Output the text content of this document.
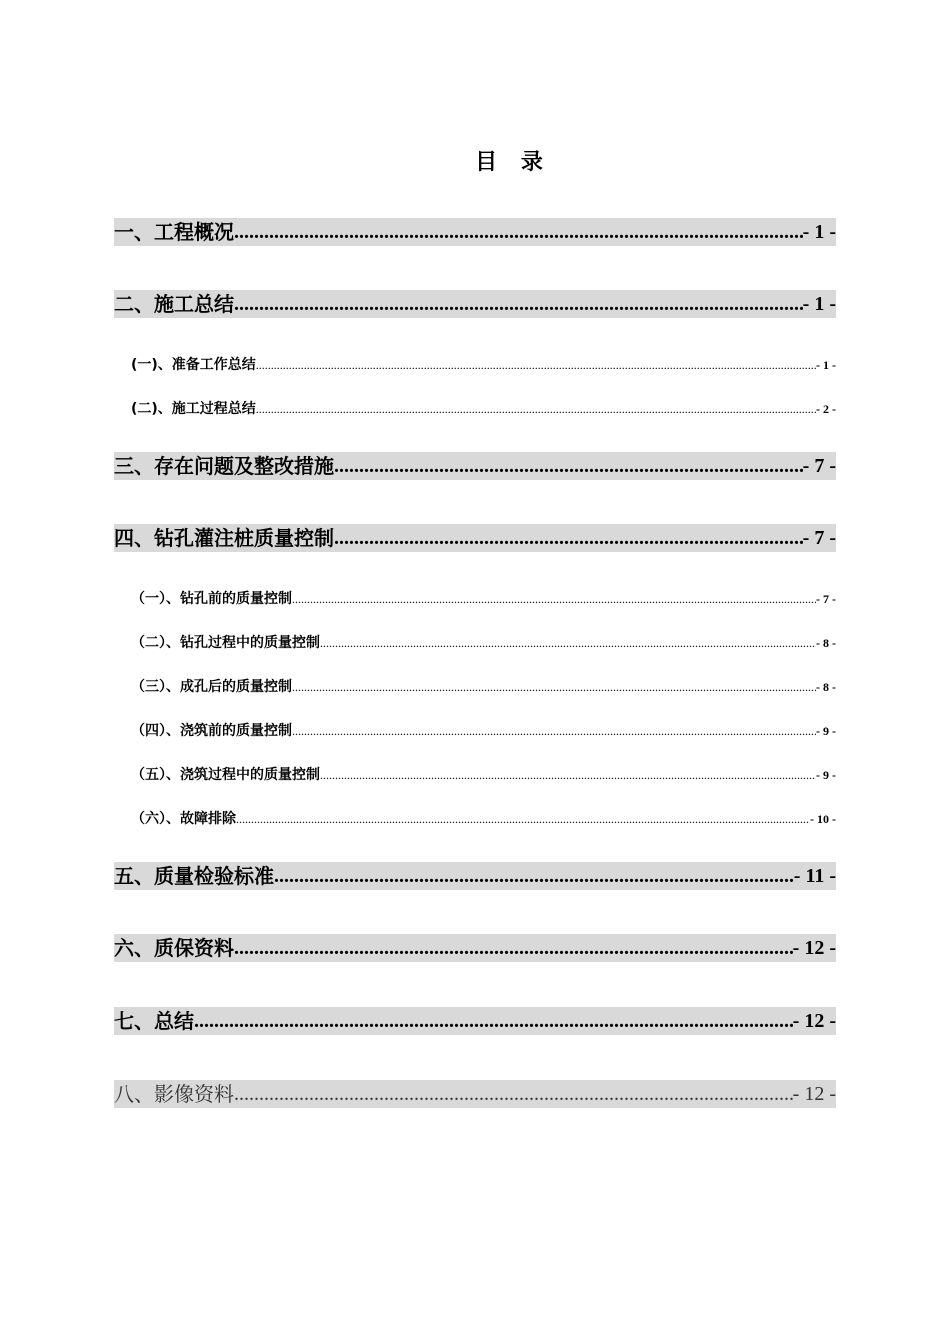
目 录
一、工程概况 .....	- 1 -
二、施工总结 .....	- 1 -
(一)、准备工作总结 .....	- 1 -
(二)、施工过程总结 .....	- 2 -
三、存在问题及整改措施 .....	- 7 -
四、钻孔灌注桩质量控制 .....	- 7 -
（一）、钻孔前的质量控制 .....	- 7 -
（二）、钻孔过程中的质量控制 .....	- 8 -
（三）、成孔后的质量控制 .....	- 8 -
（四）、浇筑前的质量控制 .....	- 9 -
（五）、浇筑过程中的质量控制 .....	- 9 -
（六）、故障排除 .....	- 10 -
五、质量检验标准 .....	- 11 -
六、质保资料 .....	- 12 -
七、总结 .....	- 12 -
八、影像资料 .....	- 12 -
